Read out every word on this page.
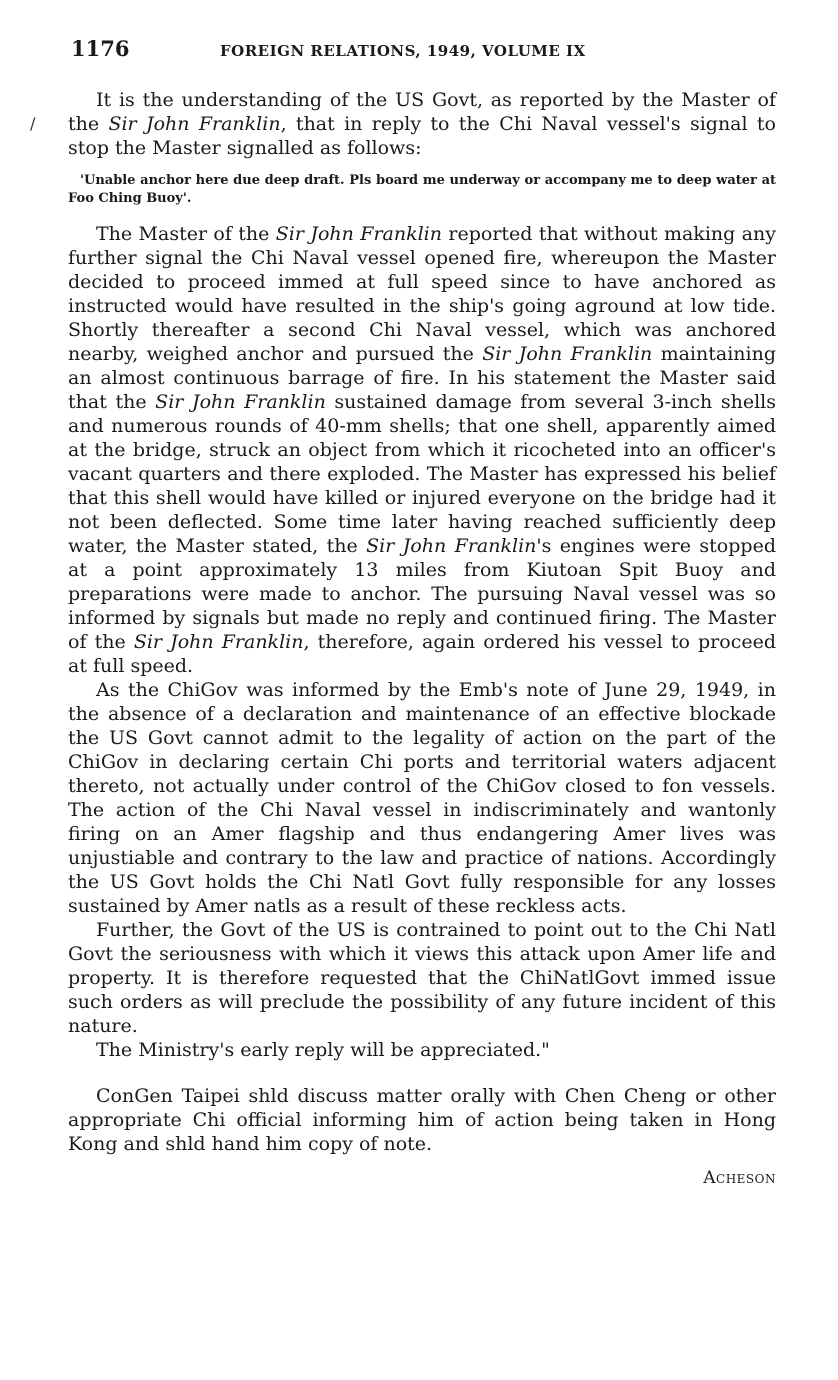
1176	FOREIGN RELATIONS, 1949, VOLUME IX

It is the understanding of the US Govt, as reported by the Master of the Sir John Franklin, that in reply to the Chi Naval vessel's signal to stop the Master signalled as follows:

'Unable anchor here due deep draft. Pls board me underway or accompany me to deep water at Foo Ching Buoy'.

The Master of the Sir John Franklin reported that without making any further signal the Chi Naval vessel opened fire, whereupon the Master decided to proceed immed at full speed since to have anchored as instructed would have resulted in the ship's going aground at low tide. Shortly thereafter a second Chi Naval vessel, which was anchored nearby, weighed anchor and pursued the Sir John Franklin maintaining an almost continuous barrage of fire. In his statement the Master said that the Sir John Franklin sustained damage from several 3-inch shells and numerous rounds of 40-mm shells; that one shell, apparently aimed at the bridge, struck an object from which it ricocheted into an officer's vacant quarters and there exploded. The Master has expressed his belief that this shell would have killed or injured everyone on the bridge had it not been deflected. Some time later having reached sufficiently deep water, the Master stated, the Sir John Franklin's engines were stopped at a point approximately 13 miles from Kiutoan Spit Buoy and preparations were made to anchor. The pursuing Naval vessel was so informed by signals but made no reply and continued firing. The Master of the Sir John Franklin, therefore, again ordered his vessel to proceed at full speed.

As the ChiGov was informed by the Emb's note of June 29, 1949, in the absence of a declaration and maintenance of an effective blockade the US Govt cannot admit to the legality of action on the part of the ChiGov in declaring certain Chi ports and territorial waters adjacent thereto, not actually under control of the ChiGov closed to fon vessels. The action of the Chi Naval vessel in indiscriminately and wantonly firing on an Amer flagship and thus endangering Amer lives was unjustiable and contrary to the law and practice of nations. Accordingly the US Govt holds the Chi Natl Govt fully responsible for any losses sustained by Amer natls as a result of these reckless acts.

Further, the Govt of the US is contrained to point out to the Chi Natl Govt the seriousness with which it views this attack upon Amer life and property. It is therefore requested that the ChiNatlGovt immed issue such orders as will preclude the possibility of any future incident of this nature.

The Ministry's early reply will be appreciated."

ConGen Taipei shld discuss matter orally with Chen Cheng or other appropriate Chi official informing him of action being taken in Hong Kong and shld hand him copy of note.

Acheson
/
